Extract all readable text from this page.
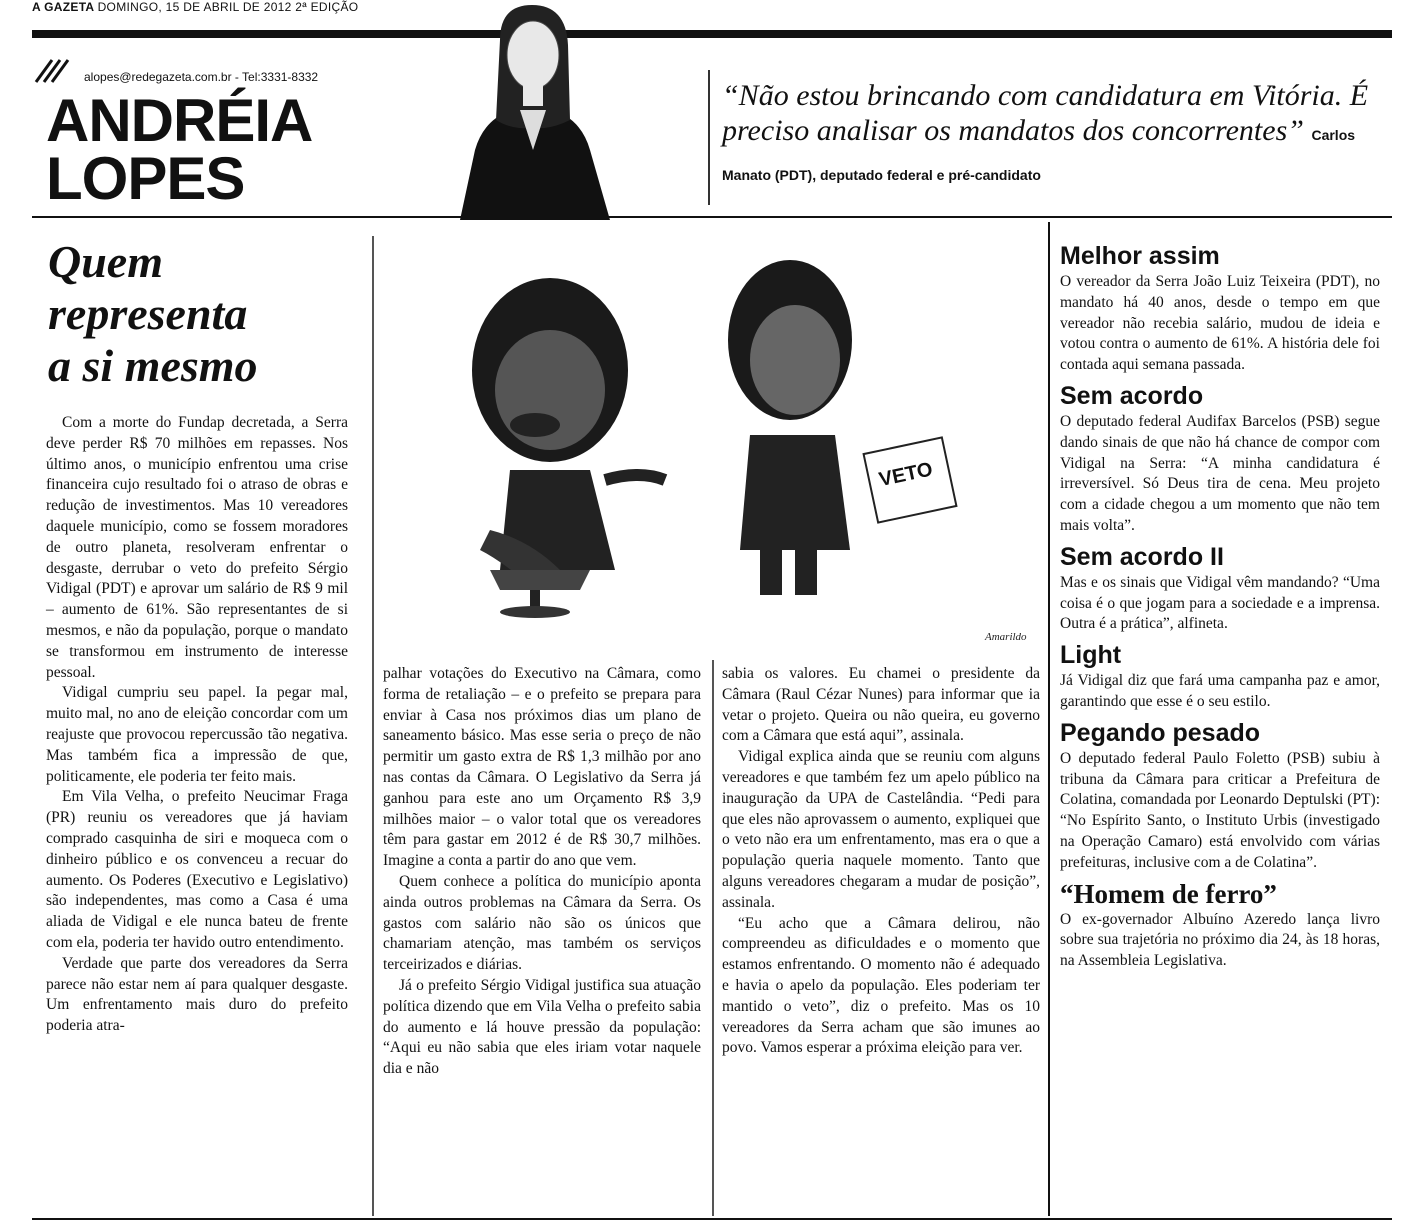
A GAZETA DOMINGO, 15 DE ABRIL DE 2012 2ª EDIÇÃO
alopes@redegazeta.com.br - Tel:3331-8332
ANDRÉIA
LOPES
“Não estou brincando com candidatura em Vitória. É preciso analisar os mandatos dos concorrentes” Carlos Manato (PDT), deputado federal e pré-candidato
Quem
representa
a si mesmo

Com a morte do Fundap decretada, a Serra deve perder R$ 70 milhões em repasses. Nos último anos, o município enfrentou uma crise financeira cujo resultado foi o atraso de obras e redução de investimentos. Mas 10 vereadores daquele município, como se fossem moradores de outro planeta, resolveram enfrentar o desgaste, derrubar o veto do prefeito Sérgio Vidigal (PDT) e aprovar um salário de R$ 9 mil – aumento de 61%. São representantes de si mesmos, e não da população, porque o mandato se transformou em instrumento de interesse pessoal.

Vidigal cumpriu seu papel. Ia pegar mal, muito mal, no ano de eleição concordar com um reajuste que provocou repercussão tão negativa. Mas também fica a impressão de que, politicamente, ele poderia ter feito mais.

Em Vila Velha, o prefeito Neucimar Fraga (PR) reuniu os vereadores que já haviam comprado casquinha de siri e moqueca com o dinheiro público e os convenceu a recuar do aumento. Os Poderes (Executivo e Legislativo) são independentes, mas como a Casa é uma aliada de Vidigal e ele nunca bateu de frente com ela, poderia ter havido outro entendimento.

Verdade que parte dos vereadores da Serra parece não estar nem aí para qualquer desgaste. Um enfrentamento mais duro do prefeito poderia atra-

VETO
Amarildo

palhar votações do Executivo na Câmara, como forma de retaliação – e o prefeito se prepara para enviar à Casa nos próximos dias um plano de saneamento básico. Mas esse seria o preço de não permitir um gasto extra de R$ 1,3 milhão por ano nas contas da Câmara. O Legislativo da Serra já ganhou para este ano um Orçamento R$ 3,9 milhões maior – o valor total que os vereadores têm para gastar em 2012 é de R$ 30,7 milhões. Imagine a conta a partir do ano que vem.

Quem conhece a política do município aponta ainda outros problemas na Câmara da Serra. Os gastos com salário não são os únicos que chamariam atenção, mas também os serviços terceirizados e diárias.

Já o prefeito Sérgio Vidigal justifica sua atuação política dizendo que em Vila Velha o prefeito sabia do aumento e lá houve pressão da população: “Aqui eu não sabia que eles iriam votar naquele dia e não

sabia os valores. Eu chamei o presidente da Câmara (Raul Cézar Nunes) para informar que ia vetar o projeto. Queira ou não queira, eu governo com a Câmara que está aqui”, assinala.

Vidigal explica ainda que se reuniu com alguns vereadores e que também fez um apelo público na inauguração da UPA de Castelândia. “Pedi para que eles não aprovassem o aumento, expliquei que o veto não era um enfrentamento, mas era o que a população queria naquele momento. Tanto que alguns vereadores chegaram a mudar de posição”, assinala.

“Eu acho que a Câmara delirou, não compreendeu as dificuldades e o momento que estamos enfrentando. O momento não é adequado e havia o apelo da população. Eles poderiam ter mantido o veto”, diz o prefeito. Mas os 10 vereadores da Serra acham que são imunes ao povo. Vamos esperar a próxima eleição para ver.

Melhor assim

O vereador da Serra João Luiz Teixeira (PDT), no mandato há 40 anos, desde o tempo em que vereador não recebia salário, mudou de ideia e votou contra o aumento de 61%. A história dele foi contada aqui semana passada.

Sem acordo

O deputado federal Audifax Barcelos (PSB) segue dando sinais de que não há chance de compor com Vidigal na Serra: “A minha candidatura é irreversível. Só Deus tira de cena. Meu projeto com a cidade chegou a um momento que não tem mais volta”.

Sem acordo II

Mas e os sinais que Vidigal vêm mandando? “Uma coisa é o que jogam para a sociedade e a imprensa. Outra é a prática”, alfineta.

Light

Já Vidigal diz que fará uma campanha paz e amor, garantindo que esse é o seu estilo.

Pegando pesado

O deputado federal Paulo Foletto (PSB) subiu à tribuna da Câmara para criticar a Prefeitura de Colatina, comandada por Leonardo Deptulski (PT): “No Espírito Santo, o Instituto Urbis (investigado na Operação Camaro) está envolvido com várias prefeituras, inclusive com a de Colatina”.

“Homem de ferro”

O ex-governador Albuíno Azeredo lança livro sobre sua trajetória no próximo dia 24, às 18 horas, na Assembleia Legislativa.
